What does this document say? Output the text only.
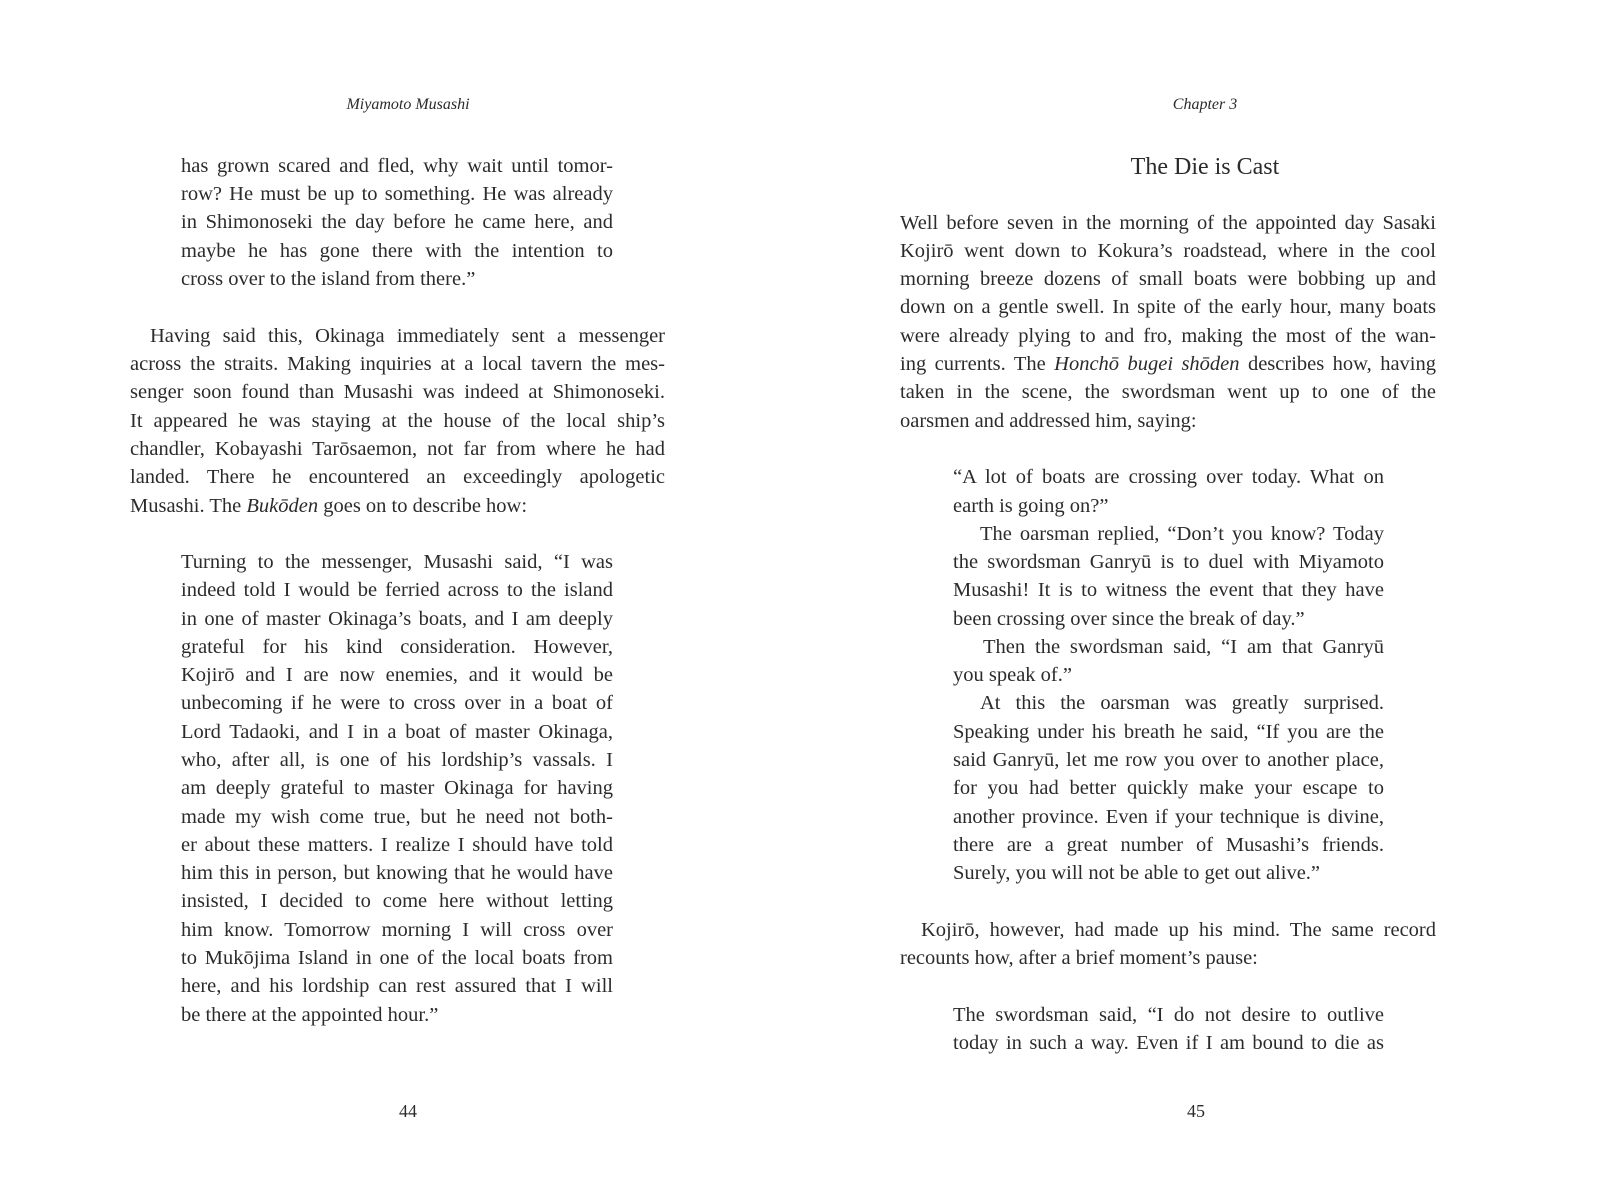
Miyamoto Musashi
has grown scared and fled, why wait until tomor-
row? He must be up to something. He was already
in Shimonoseki the day before he came here, and
maybe he has gone there with the intention to
cross over to the island from there.”
Having said this, Okinaga immediately sent a messenger
across the straits. Making inquiries at a local tavern the mes-
senger soon found than Musashi was indeed at Shimonoseki.
It appeared he was staying at the house of the local ship’s
chandler, Kobayashi Tarōsaemon, not far from where he had
landed. There he encountered an exceedingly apologetic
Musashi. The Bukōden goes on to describe how:
Turning to the messenger, Musashi said, “I was
indeed told I would be ferried across to the island
in one of master Okinaga’s boats, and I am deeply
grateful for his kind consideration. However,
Kojirō and I are now enemies, and it would be
unbecoming if he were to cross over in a boat of
Lord Tadaoki, and I in a boat of master Okinaga,
who, after all, is one of his lordship’s vassals. I
am deeply grateful to master Okinaga for having
made my wish come true, but he need not both-
er about these matters. I realize I should have told
him this in person, but knowing that he would have
insisted, I decided to come here without letting
him know. Tomorrow morning I will cross over
to Mukōjima Island in one of the local boats from
here, and his lordship can rest assured that I will
be there at the appointed hour.”
44
Chapter 3
The Die is Cast
Well before seven in the morning of the appointed day Sasaki
Kojirō went down to Kokura’s roadstead, where in the cool
morning breeze dozens of small boats were bobbing up and
down on a gentle swell. In spite of the early hour, many boats
were already plying to and fro, making the most of the wan-
ing currents. The Honchō bugei shōden describes how, having
taken in the scene, the swordsman went up to one of the
oarsmen and addressed him, saying:
“A lot of boats are crossing over today. What on
earth is going on?”
The oarsman replied, “Don’t you know? Today
the swordsman Ganryū is to duel with Miyamoto
Musashi! It is to witness the event that they have
been crossing over since the break of day.”
Then the swordsman said, “I am that Ganryū
you speak of.”
At this the oarsman was greatly surprised.
Speaking under his breath he said, “If you are the
said Ganryū, let me row you over to another place,
for you had better quickly make your escape to
another province. Even if your technique is divine,
there are a great number of Musashi’s friends.
Surely, you will not be able to get out alive.”
Kojirō, however, had made up his mind. The same record
recounts how, after a brief moment’s pause:
The swordsman said, “I do not desire to outlive
today in such a way. Even if I am bound to die as
45
